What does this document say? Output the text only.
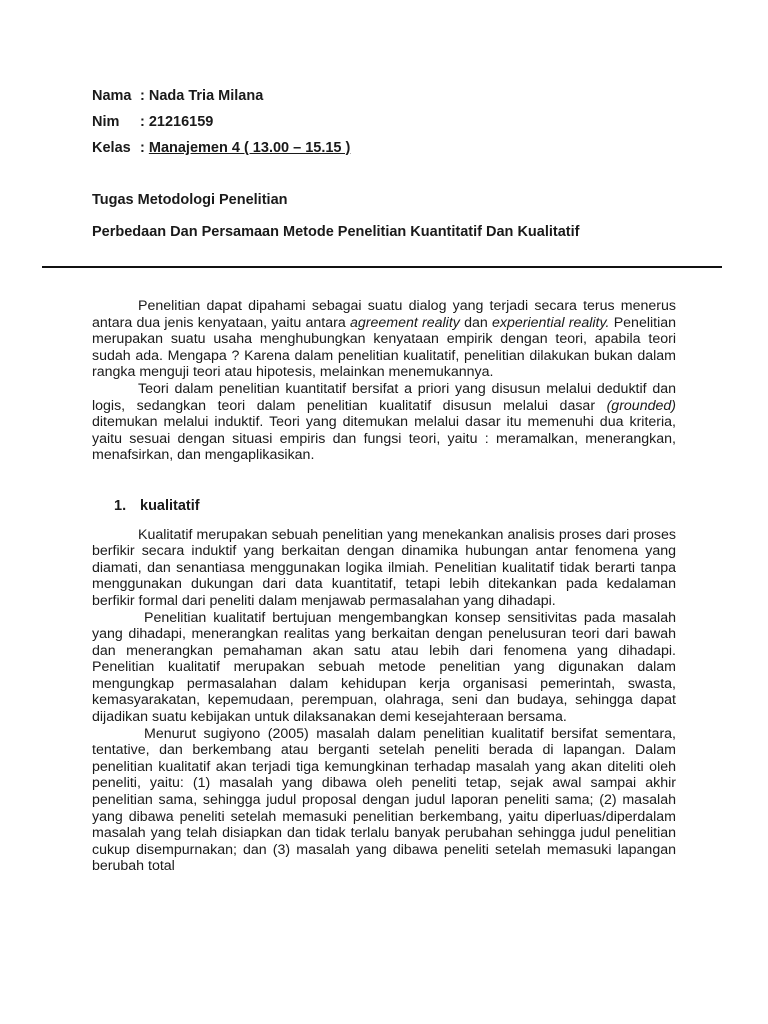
Nama : Nada Tria Milana
Nim	: 21216159
Kelas : Manajemen 4 ( 13.00 – 15.15 )
Tugas Metodologi Penelitian
Perbedaan Dan Persamaan Metode Penelitian Kuantitatif Dan Kualitatif

Penelitian dapat dipahami sebagai suatu dialog yang terjadi secara terus menerus antara dua jenis kenyataan, yaitu antara agreement reality dan experiential reality. Penelitian merupakan suatu usaha menghubungkan kenyataan empirik dengan teori, apabila teori sudah ada. Mengapa ? Karena dalam penelitian kualitatif, penelitian dilakukan bukan dalam rangka menguji teori atau hipotesis, melainkan menemukannya.

Teori dalam penelitian kuantitatif bersifat a priori yang disusun melalui deduktif dan logis, sedangkan teori dalam penelitian kualitatif disusun melalui dasar (grounded) ditemukan melalui induktif. Teori yang ditemukan melalui dasar itu memenuhi dua kriteria, yaitu sesuai dengan situasi empiris dan fungsi teori, yaitu : meramalkan, menerangkan, menafsirkan, dan mengaplikasikan.

1. kualitatif

Kualitatif merupakan sebuah penelitian yang menekankan analisis proses dari proses berfikir secara induktif yang berkaitan dengan dinamika hubungan antar fenomena yang diamati, dan senantiasa menggunakan logika ilmiah. Penelitian kualitatif tidak berarti tanpa menggunakan dukungan dari data kuantitatif, tetapi lebih ditekankan pada kedalaman berfikir formal dari peneliti dalam menjawab permasalahan yang dihadapi.

Penelitian kualitatif bertujuan mengembangkan konsep sensitivitas pada masalah yang dihadapi, menerangkan realitas yang berkaitan dengan penelusuran teori dari bawah dan menerangkan pemahaman akan satu atau lebih dari fenomena yang dihadapi. Penelitian kualitatif merupakan sebuah metode penelitian yang digunakan dalam mengungkap permasalahan dalam kehidupan kerja organisasi pemerintah, swasta, kemasyarakatan, kepemudaan, perempuan, olahraga, seni dan budaya, sehingga dapat dijadikan suatu kebijakan untuk dilaksanakan demi kesejahteraan bersama.

Menurut sugiyono (2005) masalah dalam penelitian kualitatif bersifat sementara, tentative, dan berkembang atau berganti setelah peneliti berada di lapangan. Dalam penelitian kualitatif akan terjadi tiga kemungkinan terhadap masalah yang akan diteliti oleh peneliti, yaitu: (1) masalah yang dibawa oleh peneliti tetap, sejak awal sampai akhir penelitian sama, sehingga judul proposal dengan judul laporan peneliti sama; (2) masalah yang dibawa peneliti setelah memasuki penelitian berkembang, yaitu diperluas/diperdalam masalah yang telah disiapkan dan tidak terlalu banyak perubahan sehingga judul penelitian cukup disempurnakan; dan (3) masalah yang dibawa peneliti setelah memasuki lapangan berubah total
